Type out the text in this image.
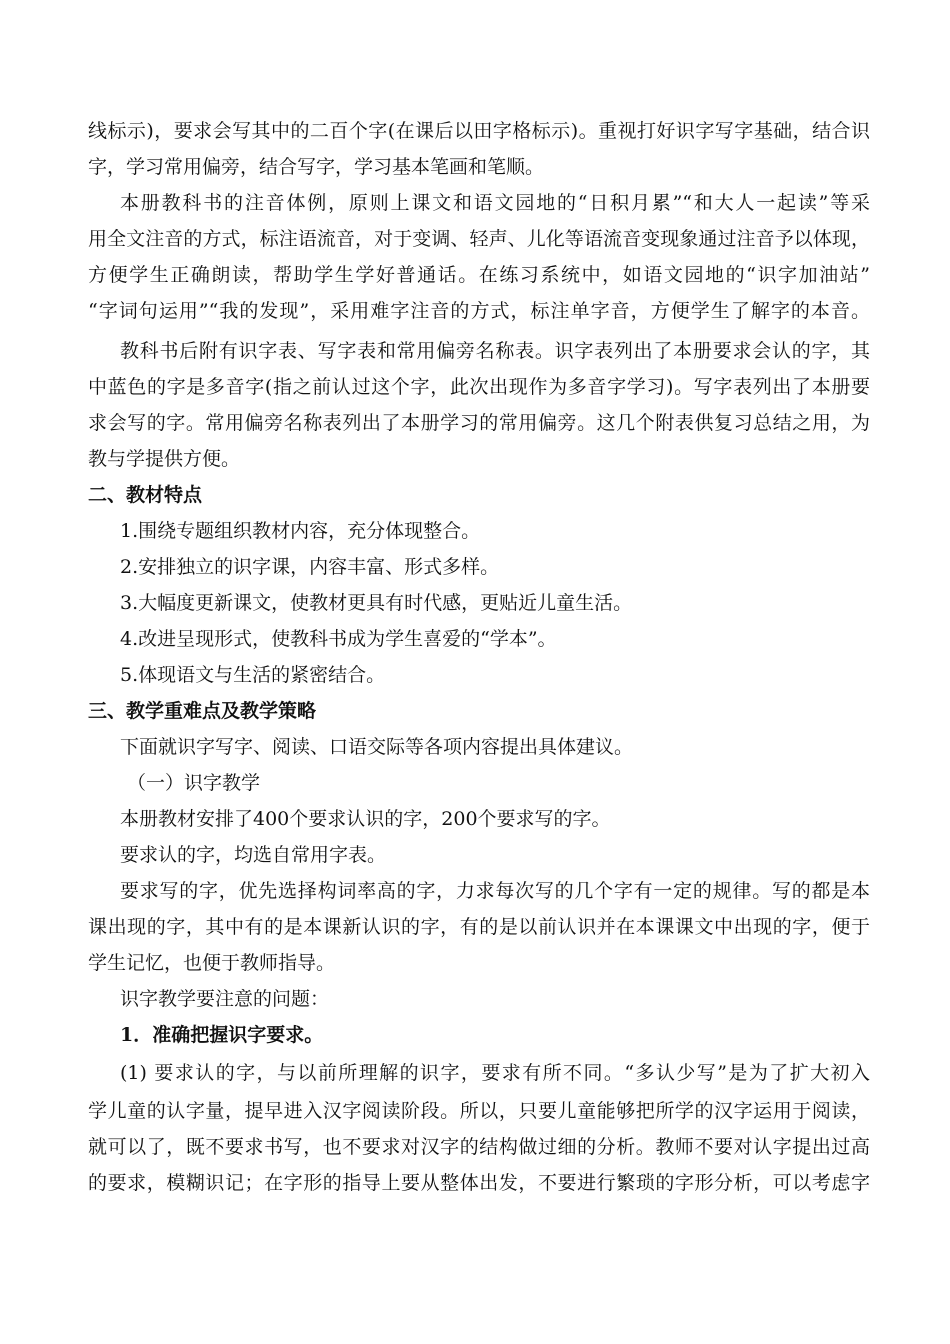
线标示)，要求会写其中的二百个字(在课后以田字格标示)。重视打好识字写字基础，结合识
字，学习常用偏旁，结合写字，学习基本笔画和笔顺。
本册教科书的注音体例，原则上课文和语文园地的“日积月累”“和大人一起读”等采
用全文注音的方式，标注语流音，对于变调、轻声、儿化等语流音变现象通过注音予以体现，
方便学生正确朗读，帮助学生学好普通话。在练习系统中，如语文园地的“识字加油站”
“字词句运用”“我的发现”，采用难字注音的方式，标注单字音，方便学生了解字的本音。
教科书后附有识字表、写字表和常用偏旁名称表。识字表列出了本册要求会认的字，其
中蓝色的字是多音字(指之前认过这个字，此次出现作为多音字学习)。写字表列出了本册要
求会写的字。常用偏旁名称表列出了本册学习的常用偏旁。这几个附表供复习总结之用，为
教与学提供方便。
二、教材特点
1.围绕专题组织教材内容，充分体现整合。
2.安排独立的识字课，内容丰富、形式多样。
3.大幅度更新课文，使教材更具有时代感，更贴近儿童生活。
4.改进呈现形式，使教科书成为学生喜爱的“学本”。
5.体现语文与生活的紧密结合。
三、教学重难点及教学策略
下面就识字写字、阅读、口语交际等各项内容提出具体建议。
（一）识字教学
本册教材安排了400个要求认识的字，200个要求写的字。
要求认的字，均选自常用字表。
要求写的字，优先选择构词率高的字，力求每次写的几个字有一定的规律。写的都是本
课出现的字，其中有的是本课新认识的字，有的是以前认识并在本课课文中出现的字，便于
学生记忆，也便于教师指导。
识字教学要注意的问题：
1．准确把握识字要求。
(1) 要求认的字，与以前所理解的识字，要求有所不同。“多认少写”是为了扩大初入
学儿童的认字量，提早进入汉字阅读阶段。所以，只要儿童能够把所学的汉字运用于阅读，
就可以了，既不要求书写，也不要求对汉字的结构做过细的分析。教师不要对认字提出过高
的要求，模糊识记；在字形的指导上要从整体出发，不要进行繁琐的字形分析，可以考虑字
